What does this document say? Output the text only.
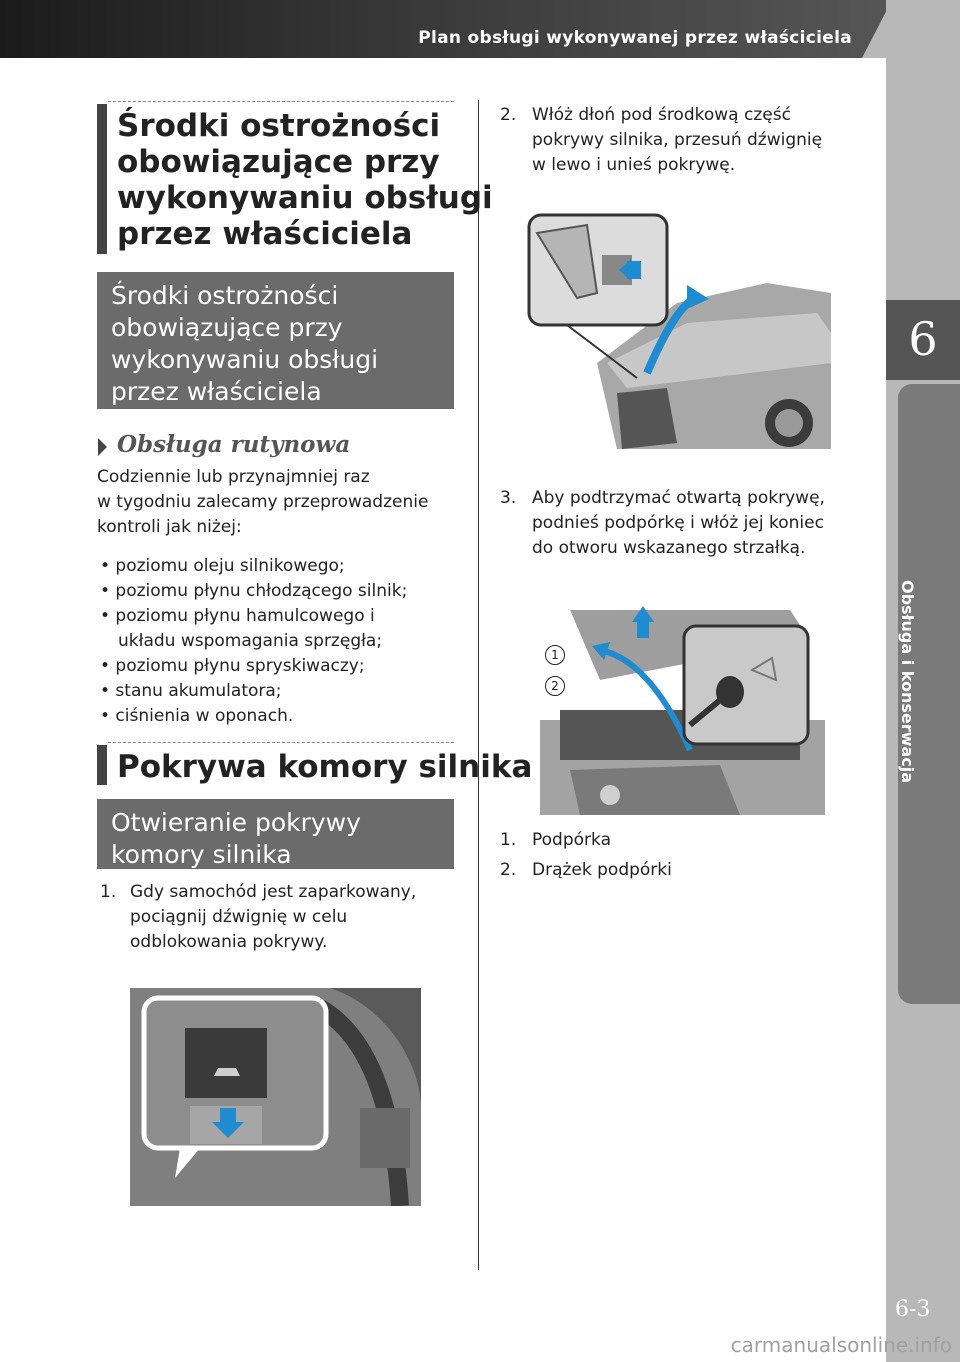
Plan obsługi wykonywanej przez właściciela
6
Obsługa i konserwacja
6-3
carmanualsonline.info
Środki ostrożności
obowiązujące przy
wykonywaniu obsługi
przez właściciela
Środki ostrożności
obowiązujące przy
wykonywaniu obsługi
przez właściciela
Obsługa rutynowa
Codziennie lub przynajmniej raz
w tygodniu zalecamy przeprowadzenie
kontroli jak niżej:
• poziomu oleju silnikowego;
• poziomu płynu chłodzącego silnik;
• poziomu płynu hamulcowego i
układu wspomagania sprzęgła;
• poziomu płynu spryskiwaczy;
• stanu akumulatora;
• ciśnienia w oponach.
Pokrywa komory silnika
Otwieranie pokrywy
komory silnika
1. Gdy samochód jest zaparkowany,
pociągnij dźwignię w celu
odblokowania pokrywy.
2. Włóż dłoń pod środkową część
pokrywy silnika, przesuń dźwignię
w lewo i unieś pokrywę.
3. Aby podtrzymać otwartą pokrywę,
podnieś podpórkę i włóż jej koniec
do otworu wskazanego strzałką.
1
2
1. Podpórka
2. Drążek podpórki
